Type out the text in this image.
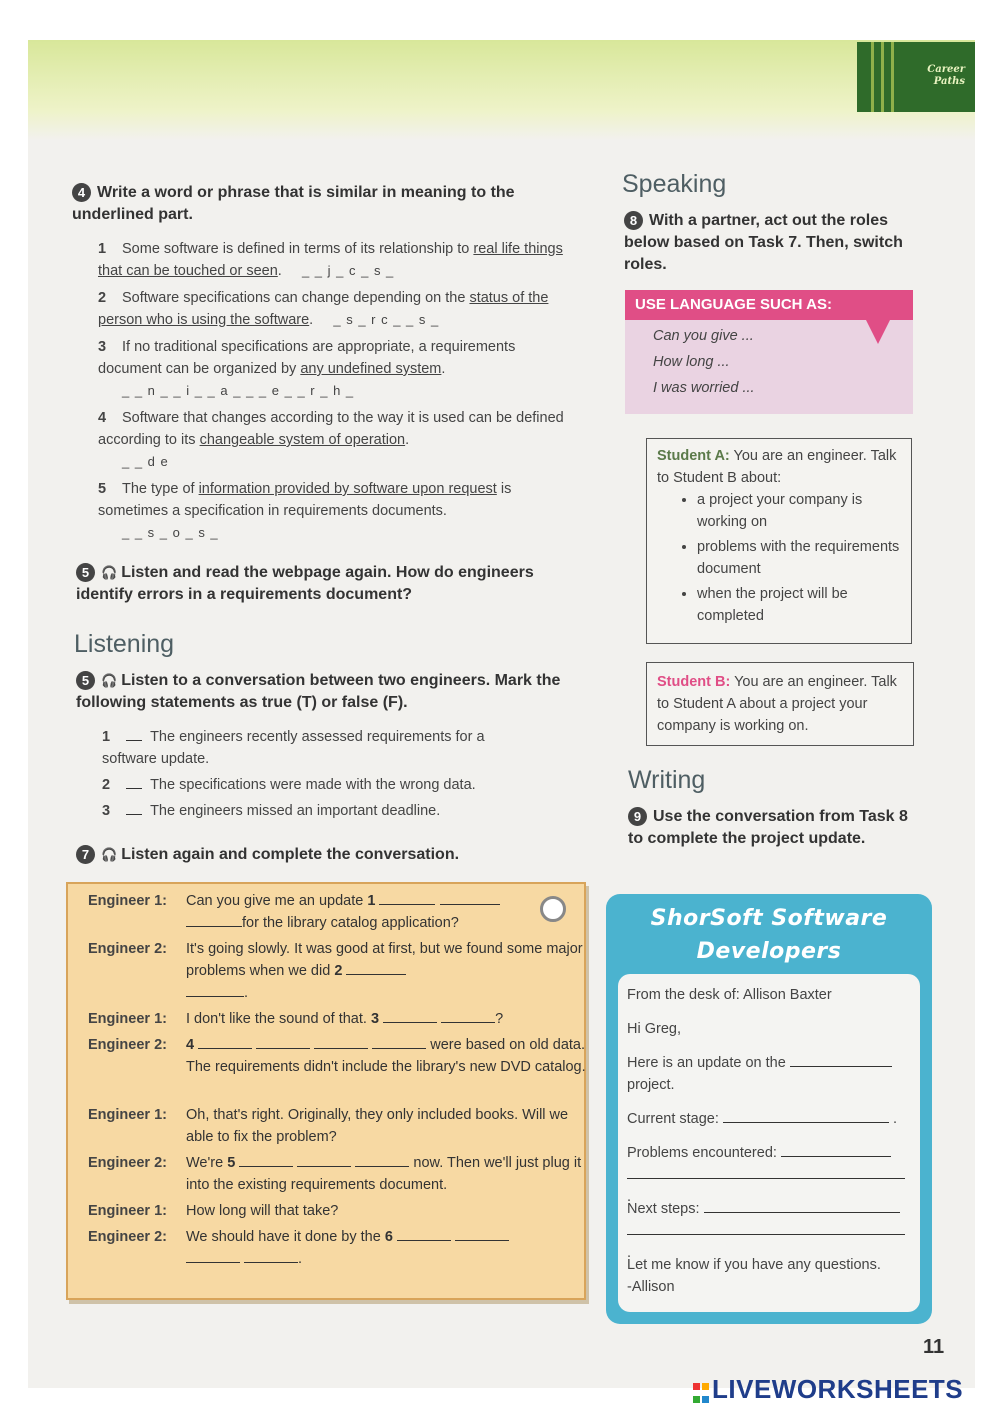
Career
Paths
4 Write a word or phrase that is similar in meaning to the underlined part.
1 Some software is defined in terms of its relationship to real life things that can be touched or seen. _ _ j _ c _ s _
2 Software specifications can change depending on the status of the person who is using the software. _ s _ r c _ _ s _
3 If no traditional specifications are appropriate, a requirements document can be organized by any undefined system.
_ _ n _ _ i _ _ a _ _ _ e _ _ r _ h _
4 Software that changes according to the way it is used can be defined according to its changeable system of operation.
_ _ d e
5 The type of information provided by software upon request is sometimes a specification in requirements documents.
_ _ s _ o _ s _
5 🎧 Listen and read the webpage again. How do engineers identify errors in a requirements document?
Listening
5 🎧 Listen to a conversation between two engineers. Mark the following statements as true (T) or false (F).
1	The engineers recently assessed requirements for a software update.
2	The specifications were made with the wrong data.
3	The engineers missed an important deadline.
7 🎧 Listen again and complete the conversation.
Engineer 1:	Can you give me an update 1
for the library catalog application?
Engineer 2:	It's going slowly. It was good at first, but we found some major problems when we did 2
.
Engineer 1:	I don't like the sound of that. 3	?
Engineer 2:	4	were based on old data. The requirements didn't include the library's new DVD catalog.
Engineer 1:	Oh, that's right. Originally, they only included books. Will we able to fix the problem?
Engineer 2:	We're 5	now. Then we'll just plug it into the existing requirements document.
Engineer 1:	How long will that take?
Engineer 2:	We should have it done by the 6
.
Speaking
8 With a partner, act out the roles below based on Task 7. Then, switch roles.
USE LANGUAGE SUCH AS:
Can you give ...
How long ...
I was worried ...
Student A: You are an engineer. Talk to Student B about:
• a project your company is working on
• problems with the requirements document
• when the project will be completed
Student B: You are an engineer. Talk to Student A about a project your company is working on.
Writing
9 Use the conversation from Task 8 to complete the project update.
ShorSoft Software
Developers
From the desk of: Allison Baxter
Hi Greg,
Here is an update on the
project.
Current stage:	.
Problems encountered:
.
Next steps:
.
Let me know if you have any questions.
-Allison
11

LIVEWORKSHEETS
